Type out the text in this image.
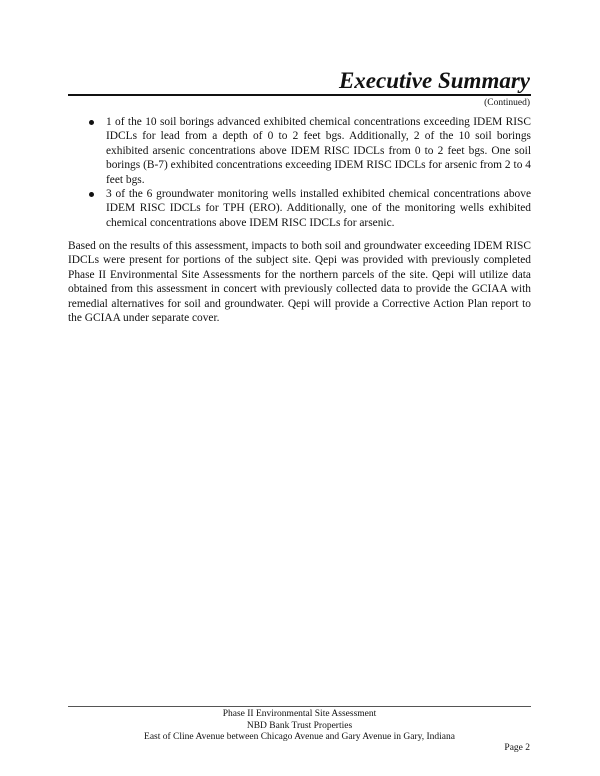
Executive Summary
(Continued)
1 of the 10 soil borings advanced exhibited chemical concentrations exceeding IDEM RISC IDCLs for lead from a depth of 0 to 2 feet bgs. Additionally, 2 of the 10 soil borings exhibited arsenic concentrations above IDEM RISC IDCLs from 0 to 2 feet bgs. One soil borings (B-7) exhibited concentrations exceeding IDEM RISC IDCLs for arsenic from 2 to 4 feet bgs.
3 of the 6 groundwater monitoring wells installed exhibited chemical concentrations above IDEM RISC IDCLs for TPH (ERO). Additionally, one of the monitoring wells exhibited chemical concentrations above IDEM RISC IDCLs for arsenic.

Based on the results of this assessment, impacts to both soil and groundwater exceeding IDEM RISC IDCLs were present for portions of the subject site. Qepi was provided with previously completed Phase II Environmental Site Assessments for the northern parcels of the site. Qepi will utilize data obtained from this assessment in concert with previously collected data to provide the GCIAA with remedial alternatives for soil and groundwater. Qepi will provide a Corrective Action Plan report to the GCIAA under separate cover.

Phase II Environmental Site Assessment
NBD Bank Trust Properties
East of Cline Avenue between Chicago Avenue and Gary Avenue in Gary, Indiana
Page 2
